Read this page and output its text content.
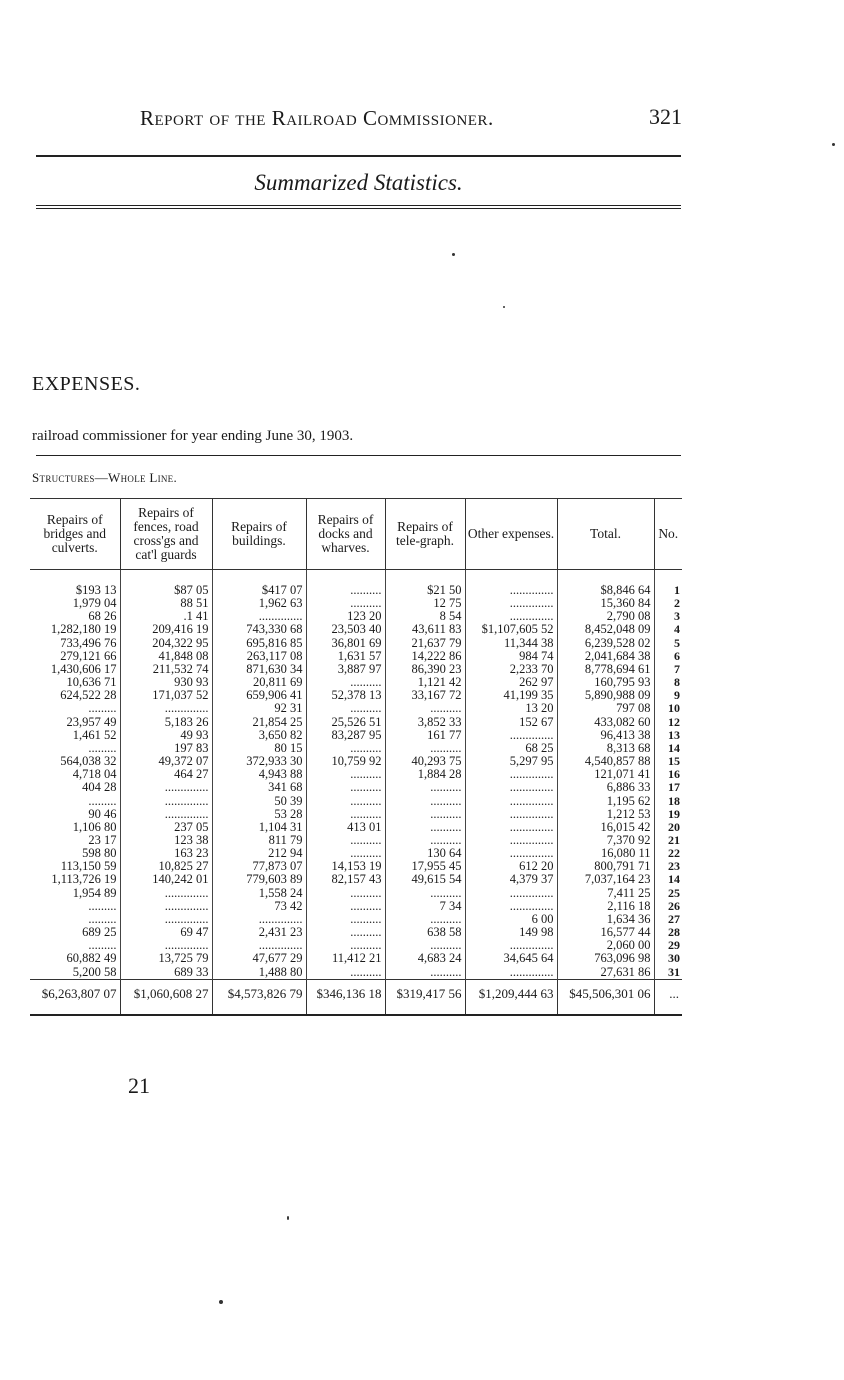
Report of the Railroad Commissioner.	321
Summarized Statistics.
EXPENSES.
railroad commissioner for year ending June 30, 1903.
Structures—Whole Line.
Repairs of bridges and culverts.	Repairs of fences, road cross'gs and cat'l guards	Repairs of buildings.	Repairs of docks and wharves.	Repairs of tele-graph.	Other expenses.	Total.	No.
$193 13	$87 05	$417 07	..........	$21 50	..............	$8,846 64	1
1,979 04	88 51	1,962 63	..........	12 75	..............	15,360 84	2
68 26	.1 41	..............	123 20	8 54	..............	2,790 08	3
1,282,180 19	209,416 19	743,330 68	23,503 40	43,611 83	$1,107,605 52	8,452,048 09	4
733,496 76	204,322 95	695,816 85	36,801 69	21,637 79	11,344 38	6,239,528 02	5
279,121 66	41,848 08	263,117 08	1,631 57	14,222 86	984 74	2,041,684 38	6
1,430,606 17	211,532 74	871,630 34	3,887 97	86,390 23	2,233 70	8,778,694 61	7
10,636 71	930 93	20,811 69	..........	1,121 42	262 97	160,795 93	8
624,522 28	171,037 52	659,906 41	52,378 13	33,167 72	41,199 35	5,890,988 09	9
.........	..............	92 31	..........	..........	13 20	797 08	10
23,957 49	5,183 26	21,854 25	25,526 51	3,852 33	152 67	433,082 60	12
1,461 52	49 93	3,650 82	83,287 95	161 77	..............	96,413 38	13
.........	197 83	80 15	..........	..........	68 25	8,313 68	14
564,038 32	49,372 07	372,933 30	10,759 92	40,293 75	5,297 95	4,540,857 88	15
4,718 04	464 27	4,943 88	..........	1,884 28	..............	121,071 41	16
404 28	..............	341 68	..........	..........	..............	6,886 33	17
.........	..............	50 39	..........	..........	..............	1,195 62	18
90 46	..............	53 28	..........	..........	..............	1,212 53	19
1,106 80	237 05	1,104 31	413 01	..........	..............	16,015 42	20
23 17	123 38	811 79	..........	..........	..............	7,370 92	21
598 80	163 23	212 94	..........	130 64	..............	16,080 11	22
113,150 59	10,825 27	77,873 07	14,153 19	17,955 45	612 20	800,791 71	23
1,113,726 19	140,242 01	779,603 89	82,157 43	49,615 54	4,379 37	7,037,164 23	14
1,954 89	..............	1,558 24	..........	..........	..............	7,411 25	25
.........	..............	73 42	..........	7 34	..............	2,116 18	26
.........	..............	..............	..........	..........	6 00	1,634 36	27
689 25	69 47	2,431 23	..........	638 58	149 98	16,577 44	28
.........	..............	..............	..........	..........	..............	2,060 00	29
60,882 49	13,725 79	47,677 29	11,412 21	4,683 24	34,645 64	763,096 98	30
5,200 58	689 33	1,488 80	..........	..........	..............	27,631 86	31
$6,263,807 07	$1,060,608 27	$4,573,826 79	$346,136 18	$319,417 56	$1,209,444 63	$45,506,301 06	...
21
